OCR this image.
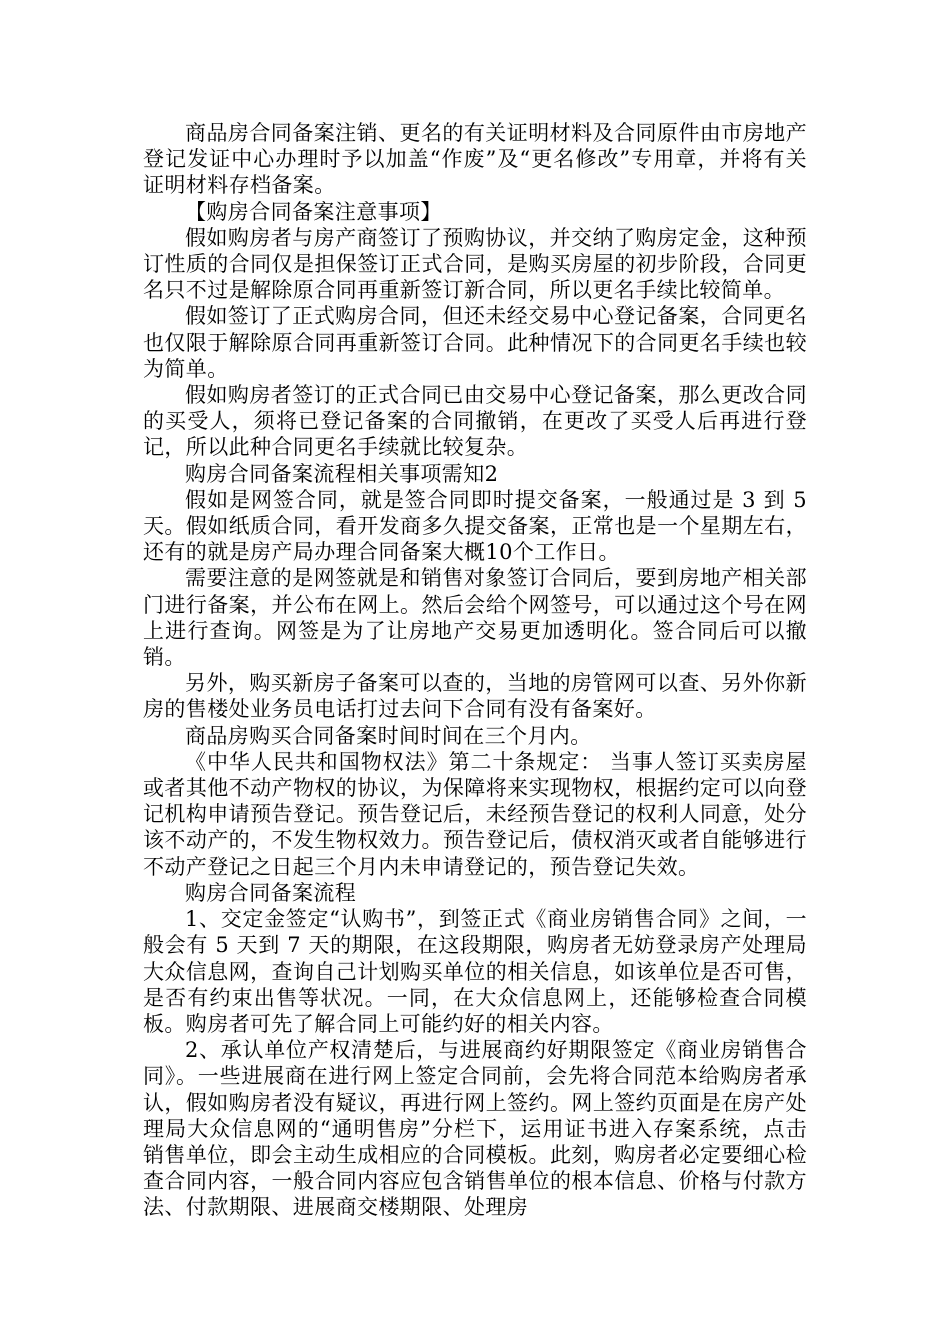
商品房合同备案注销、更名的有关证明材料及合同原件由市房地产登记发证中心办理时予以加盖“作废”及“更名修改”专用章，并将有关证明材料存档备案。

【购房合同备案注意事项】

假如购房者与房产商签订了预购协议，并交纳了购房定金，这种预订性质的合同仅是担保签订正式合同，是购买房屋的初步阶段，合同更名只不过是解除原合同再重新签订新合同，所以更名手续比较简单。

假如签订了正式购房合同，但还未经交易中心登记备案，合同更名也仅限于解除原合同再重新签订合同。此种情况下的合同更名手续也较为简单。

假如购房者签订的正式合同已由交易中心登记备案，那么更改合同的买受人，须将已登记备案的合同撤销，在更改了买受人后再进行登记，所以此种合同更名手续就比较复杂。

购房合同备案流程相关事项需知2

假如是网签合同，就是签合同即时提交备案，一般通过是 3 到 5 天。假如纸质合同，看开发商多久提交备案，正常也是一个星期左右，还有的就是房产局办理合同备案大概10个工作日。

需要注意的是网签就是和销售对象签订合同后，要到房地产相关部门进行备案，并公布在网上。然后会给个网签号，可以通过这个号在网上进行查询。网签是为了让房地产交易更加透明化。签合同后可以撤销。

另外，购买新房子备案可以查的，当地的房管网可以查、另外你新房的售楼处业务员电话打过去问下合同有没有备案好。

商品房购买合同备案时间时间在三个月内。

《中华人民共和国物权法》第二十条规定： 当事人签订买卖房屋或者其他不动产物权的协议，为保障将来实现物权，根据约定可以向登记机构申请预告登记。预告登记后，未经预告登记的权利人同意，处分该不动产的，不发生物权效力。预告登记后，债权消灭或者自能够进行不动产登记之日起三个月内未申请登记的，预告登记失效。

购房合同备案流程

1、交定金签定“认购书”，到签正式《商业房销售合同》之间，一般会有 5 天到 7 天的期限，在这段期限，购房者无妨登录房产处理局大众信息网，查询自己计划购买单位的相关信息，如该单位是否可售，是否有约束出售等状况。一同，在大众信息网上，还能够检查合同模板。购房者可先了解合同上可能约好的相关内容。

2、承认单位产权清楚后，与进展商约好期限签定《商业房销售合同》。一些进展商在进行网上签定合同前，会先将合同范本给购房者承认，假如购房者没有疑议，再进行网上签约。网上签约页面是在房产处理局大众信息网的“通明售房”分栏下，运用证书进入存案系统，点击销售单位，即会主动生成相应的合同模板。此刻，购房者必定要细心检查合同内容，一般合同内容应包含销售单位的根本信息、价格与付款方法、付款期限、进展商交楼期限、处理房
